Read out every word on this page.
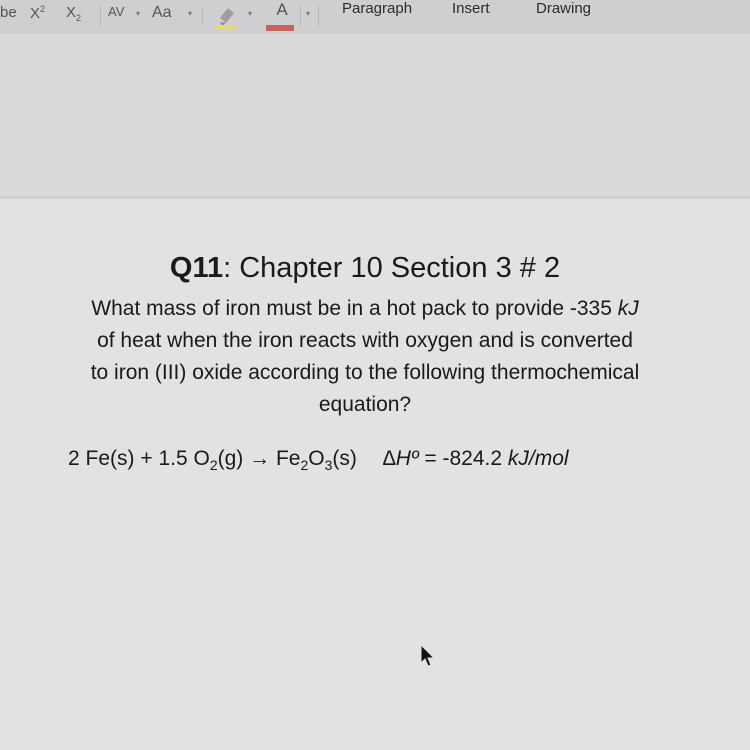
be $X^2$ $X_2$ AV ▾ Aa ▾	▾	A	▾ Paragraph	Insert	Drawing
Q11: Chapter 10 Section 3 # 2
What mass of iron must be in a hot pack to provide -335 kJ
of heat when the iron reacts with oxygen and is converted
to iron (III) oxide according to the following thermochemical
equation?
2 Fe(s) + 1.5 $O_2(g) \to Fe_2O_3(s)$ ∆Hº = -824.2 kJ/mol
